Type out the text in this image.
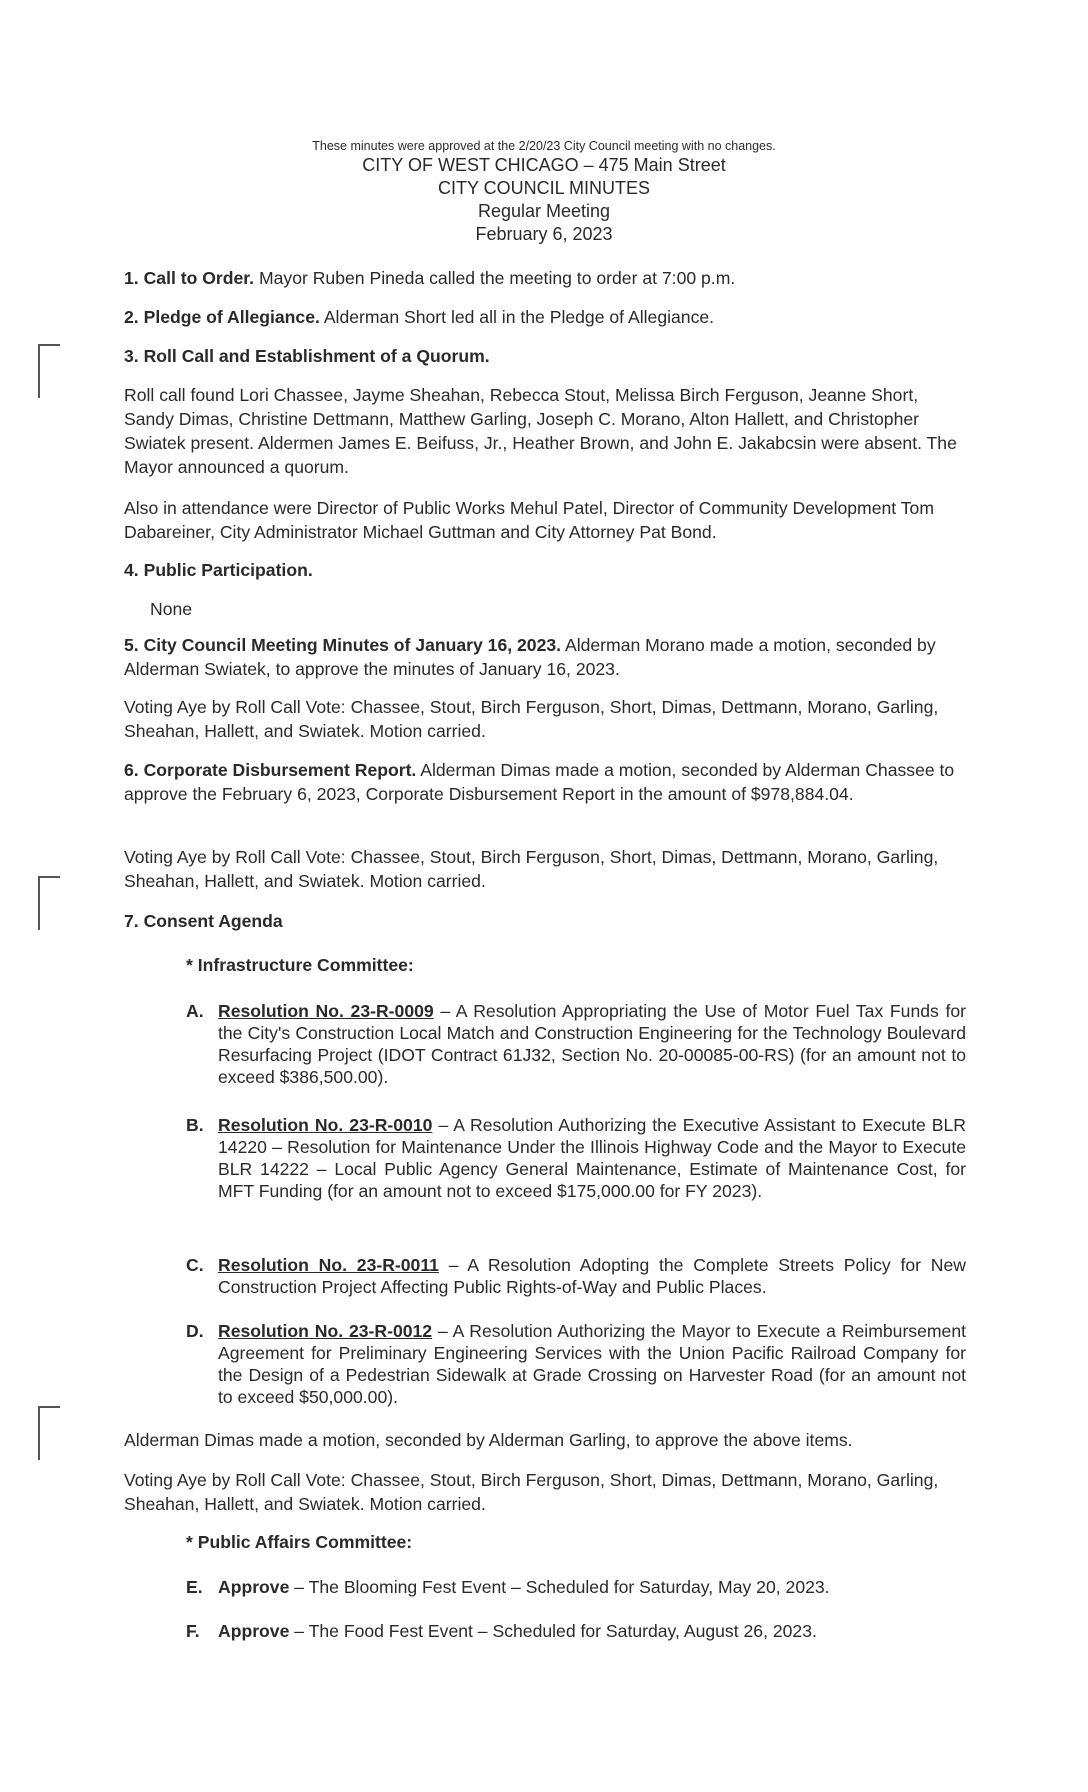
These minutes were approved at the 2/20/23 City Council meeting with no changes.
CITY OF WEST CHICAGO – 475 Main Street
CITY COUNCIL MINUTES
Regular Meeting
February 6, 2023
1. Call to Order. Mayor Ruben Pineda called the meeting to order at 7:00 p.m.
2. Pledge of Allegiance. Alderman Short led all in the Pledge of Allegiance.
3. Roll Call and Establishment of a Quorum.
Roll call found Lori Chassee, Jayme Sheahan, Rebecca Stout, Melissa Birch Ferguson, Jeanne Short, Sandy Dimas, Christine Dettmann, Matthew Garling, Joseph C. Morano, Alton Hallett, and Christopher Swiatek present. Aldermen James E. Beifuss, Jr., Heather Brown, and John E. Jakabcsin were absent. The Mayor announced a quorum.
Also in attendance were Director of Public Works Mehul Patel, Director of Community Development Tom Dabareiner, City Administrator Michael Guttman and City Attorney Pat Bond.
4. Public Participation.
None
5. City Council Meeting Minutes of January 16, 2023. Alderman Morano made a motion, seconded by Alderman Swiatek, to approve the minutes of January 16, 2023.
Voting Aye by Roll Call Vote: Chassee, Stout, Birch Ferguson, Short, Dimas, Dettmann, Morano, Garling, Sheahan, Hallett, and Swiatek. Motion carried.
6. Corporate Disbursement Report. Alderman Dimas made a motion, seconded by Alderman Chassee to approve the February 6, 2023, Corporate Disbursement Report in the amount of $978,884.04.
Voting Aye by Roll Call Vote: Chassee, Stout, Birch Ferguson, Short, Dimas, Dettmann, Morano, Garling, Sheahan, Hallett, and Swiatek. Motion carried.
7. Consent Agenda
* Infrastructure Committee:
A. Resolution No. 23-R-0009 – A Resolution Appropriating the Use of Motor Fuel Tax Funds for the City's Construction Local Match and Construction Engineering for the Technology Boulevard Resurfacing Project (IDOT Contract 61J32, Section No. 20-00085-00-RS) (for an amount not to exceed $386,500.00).
B. Resolution No. 23-R-0010 – A Resolution Authorizing the Executive Assistant to Execute BLR 14220 – Resolution for Maintenance Under the Illinois Highway Code and the Mayor to Execute BLR 14222 – Local Public Agency General Maintenance, Estimate of Maintenance Cost, for MFT Funding (for an amount not to exceed $175,000.00 for FY 2023).
C. Resolution No. 23-R-0011 – A Resolution Adopting the Complete Streets Policy for New Construction Project Affecting Public Rights-of-Way and Public Places.
D. Resolution No. 23-R-0012 – A Resolution Authorizing the Mayor to Execute a Reimbursement Agreement for Preliminary Engineering Services with the Union Pacific Railroad Company for the Design of a Pedestrian Sidewalk at Grade Crossing on Harvester Road (for an amount not to exceed $50,000.00).
Alderman Dimas made a motion, seconded by Alderman Garling, to approve the above items.
Voting Aye by Roll Call Vote: Chassee, Stout, Birch Ferguson, Short, Dimas, Dettmann, Morano, Garling, Sheahan, Hallett, and Swiatek. Motion carried.
* Public Affairs Committee:
E. Approve – The Blooming Fest Event – Scheduled for Saturday, May 20, 2023.
F. Approve – The Food Fest Event – Scheduled for Saturday, August 26, 2023.
